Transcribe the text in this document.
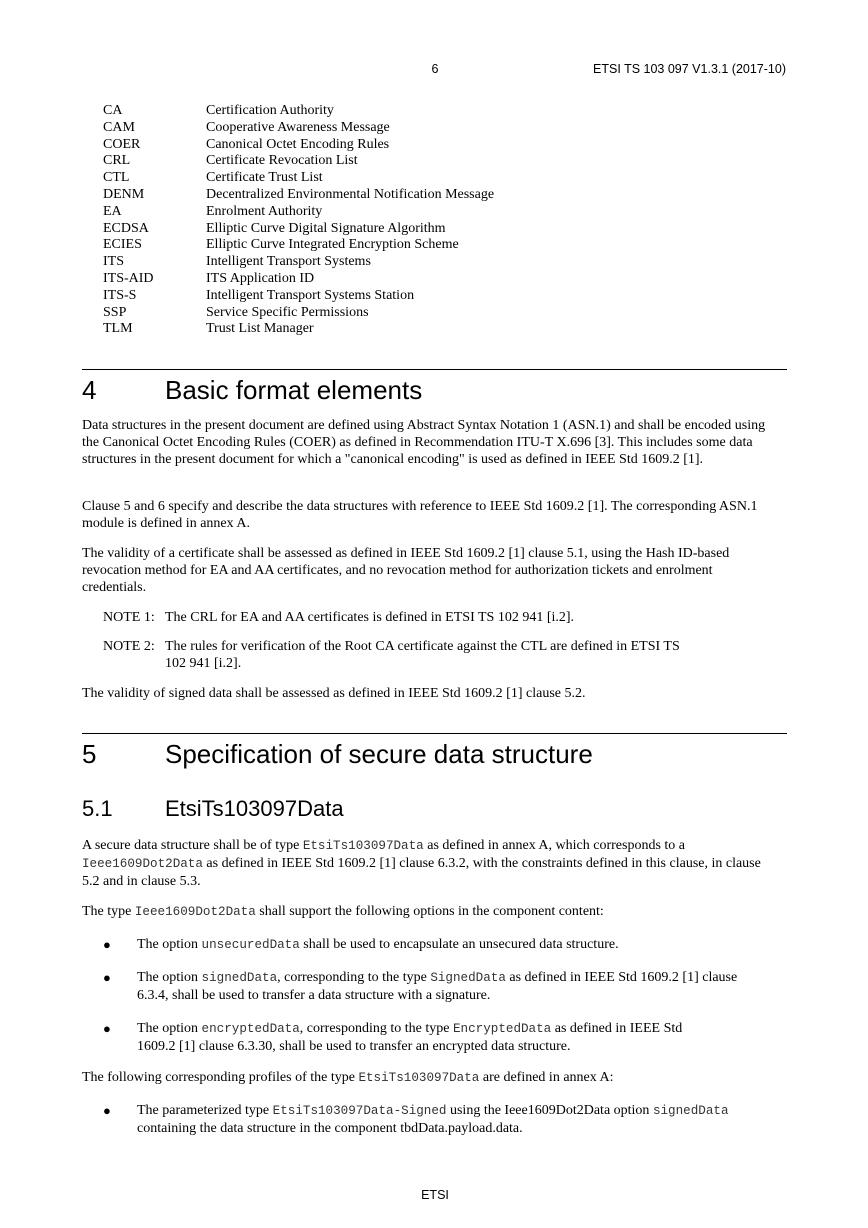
6	ETSI TS 103 097 V1.3.1 (2017-10)
CA	Certification Authority
CAM	Cooperative Awareness Message
COER	Canonical Octet Encoding Rules
CRL	Certificate Revocation List
CTL	Certificate Trust List
DENM	Decentralized Environmental Notification Message
EA	Enrolment Authority
ECDSA	Elliptic Curve Digital Signature Algorithm
ECIES	Elliptic Curve Integrated Encryption Scheme
ITS	Intelligent Transport Systems
ITS-AID	ITS Application ID
ITS-S	Intelligent Transport Systems Station
SSP	Service Specific Permissions
TLM	Trust List Manager
4	Basic format elements
Data structures in the present document are defined using Abstract Syntax Notation 1 (ASN.1) and shall be encoded using the Canonical Octet Encoding Rules (COER) as defined in Recommendation ITU-T X.696 [3]. This includes some data structures in the present document for which a "canonical encoding" is used as defined in IEEE Std 1609.2 [1].
Clause 5 and 6 specify and describe the data structures with reference to IEEE Std 1609.2 [1]. The corresponding ASN.1 module is defined in annex A.
The validity of a certificate shall be assessed as defined in IEEE Std 1609.2 [1] clause 5.1, using the Hash ID-based revocation method for EA and AA certificates, and no revocation method for authorization tickets and enrolment credentials.
NOTE 1: The CRL for EA and AA certificates is defined in ETSI TS 102 941 [i.2].
NOTE 2: The rules for verification of the Root CA certificate against the CTL are defined in ETSI TS 102 941 [i.2].
The validity of signed data shall be assessed as defined in IEEE Std 1609.2 [1] clause 5.2.
5	Specification of secure data structure
5.1 EtsiTs103097Data
A secure data structure shall be of type EtsiTs103097Data as defined in annex A, which corresponds to a Ieee1609Dot2Data as defined in IEEE Std 1609.2 [1] clause 6.3.2, with the constraints defined in this clause, in clause 5.2 and in clause 5.3.
The type Ieee1609Dot2Data shall support the following options in the component content:
● The option unsecuredData shall be used to encapsulate an unsecured data structure.
● The option signedData, corresponding to the type SignedData as defined in IEEE Std 1609.2 [1] clause 6.3.4, shall be used to transfer a data structure with a signature.
● The option encryptedData, corresponding to the type EncryptedData as defined in IEEE Std 1609.2 [1] clause 6.3.30, shall be used to transfer an encrypted data structure.
The following corresponding profiles of the type EtsiTs103097Data are defined in annex A:
● The parameterized type EtsiTs103097Data-Signed using the Ieee1609Dot2Data option signedData containing the data structure in the component tbdData.payload.data.
ETSI
